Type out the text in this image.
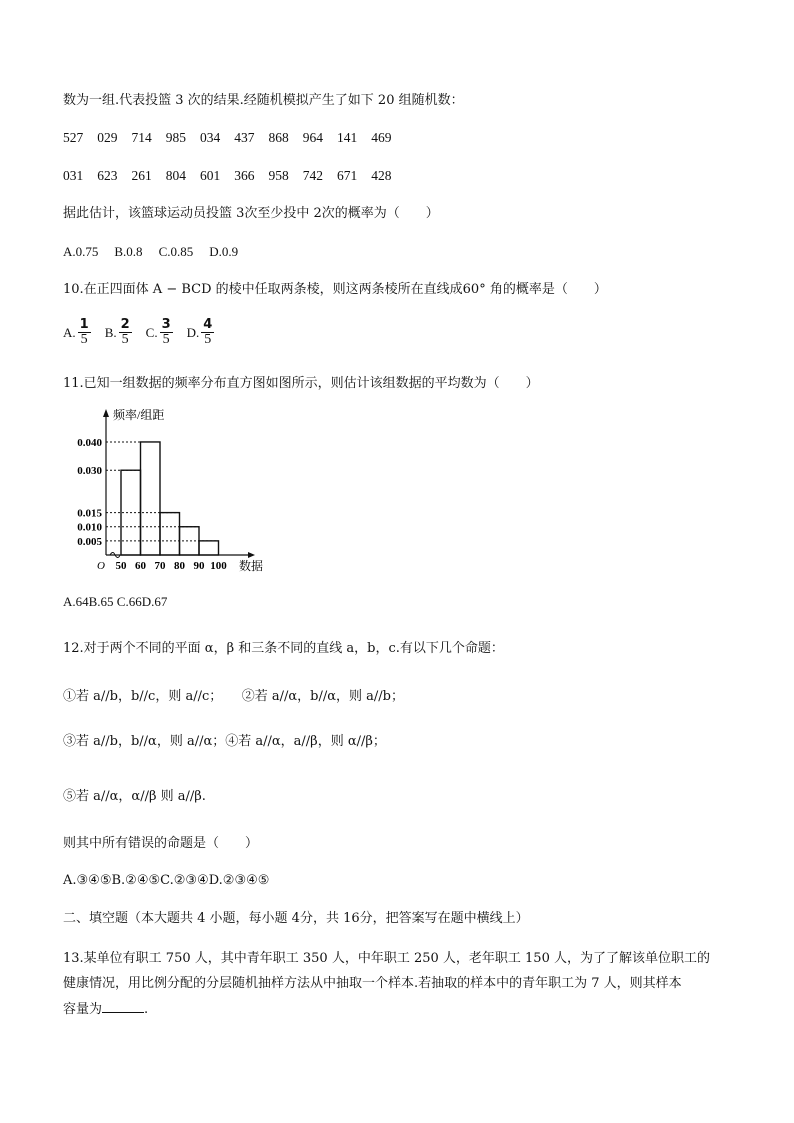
数为一组.代表投篮 3 次的结果.经随机模拟产生了如下 20 组随机数：
527 029 714 985 034 437 868 964 141 469
031 623 261 804 601 366 958 742 671 428
据此估计，该篮球运动员投篮 3次至少投中 2次的概率为（　　）
A.0.75 B.0.8 C.0.85 D.0.9
10.在正四面体 A − BCD 的棱中任取两条棱，则这两条棱所在直线成60° 角的概率是（　　）
A. $\frac{1}{5} B$. $\frac{2}{5} C$. $\frac{3}{5} D$. $\frac{4}{5}$
11.已知一组数据的频率分布直方图如图所示，则估计该组数据的平均数为（　　）
0.040
0.030
0.015
0.010
0.005
50 60 70 80 90 100
O
频率/组距
数据
A.64B.65 C.66D.67
12.对于两个不同的平面 α，β 和三条不同的直线 a，b，c.有以下几个命题：
①若 a//b，b//c，则 a//c；　　②若 a//α，b//α，则 a//b；
③若 a//b，b//α，则 a//α；④若 a//α，a//β，则 α//β；
⑤若 a//α，α//β 则 a//β.
则其中所有错误的命题是（　　）
A.③④⑤B.②④⑤C.②③④D.②③④⑤
二、填空题（本大题共 4 小题，每小题 4分，共 16分，把答案写在题中横线上）
13.某单位有职工 750 人，其中青年职工 350 人，中年职工 250 人，老年职工 150 人，为了了解该单位职工的
健康情况，用比例分配的分层随机抽样方法从中抽取一个样本.若抽取的样本中的青年职工为 7 人，则其样本
容量为	.
